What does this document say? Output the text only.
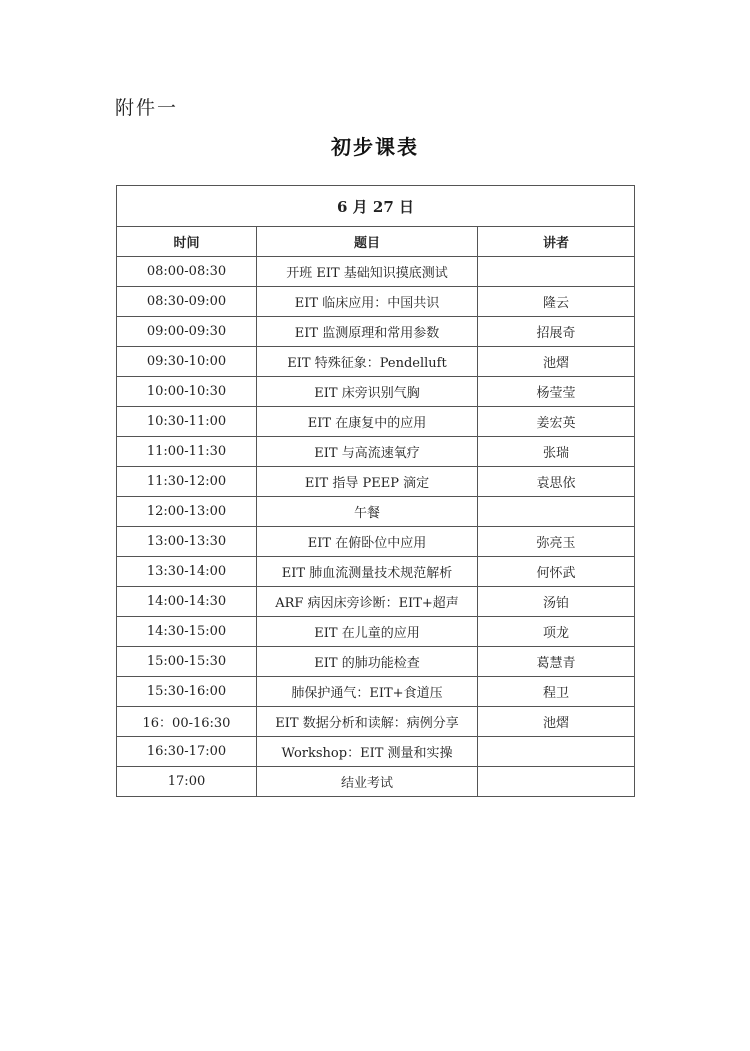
附件一
初步课表
6 月 27 日		
时间	题目	讲者
08:00-08:30	开班 EIT 基础知识摸底测试	
08:30-09:00	EIT 临床应用：中国共识	隆云
09:00-09:30	EIT 监测原理和常用参数	招展奇
09:30-10:00	EIT 特殊征象：Pendelluft	池熠
10:00-10:30	EIT 床旁识别气胸	杨莹莹
10:30-11:00	EIT 在康复中的应用	姜宏英
11:00-11:30	EIT 与高流速氧疗	张瑞
11:30-12:00	EIT 指导 PEEP 滴定	袁思依
12:00-13:00	午餐	
13:00-13:30	EIT 在俯卧位中应用	弥亮玉
13:30-14:00	EIT 肺血流测量技术规范解析	何怀武
14:00-14:30	ARF 病因床旁诊断：EIT+超声	汤铂
14:30-15:00	EIT 在儿童的应用	项龙
15:00-15:30	EIT 的肺功能检查	葛慧青
15:30-16:00	肺保护通气：EIT+食道压	程卫
16：00-16:30	EIT 数据分析和读解：病例分享	池熠
16:30-17:00	Workshop：EIT 测量和实操	
17:00	结业考试	
